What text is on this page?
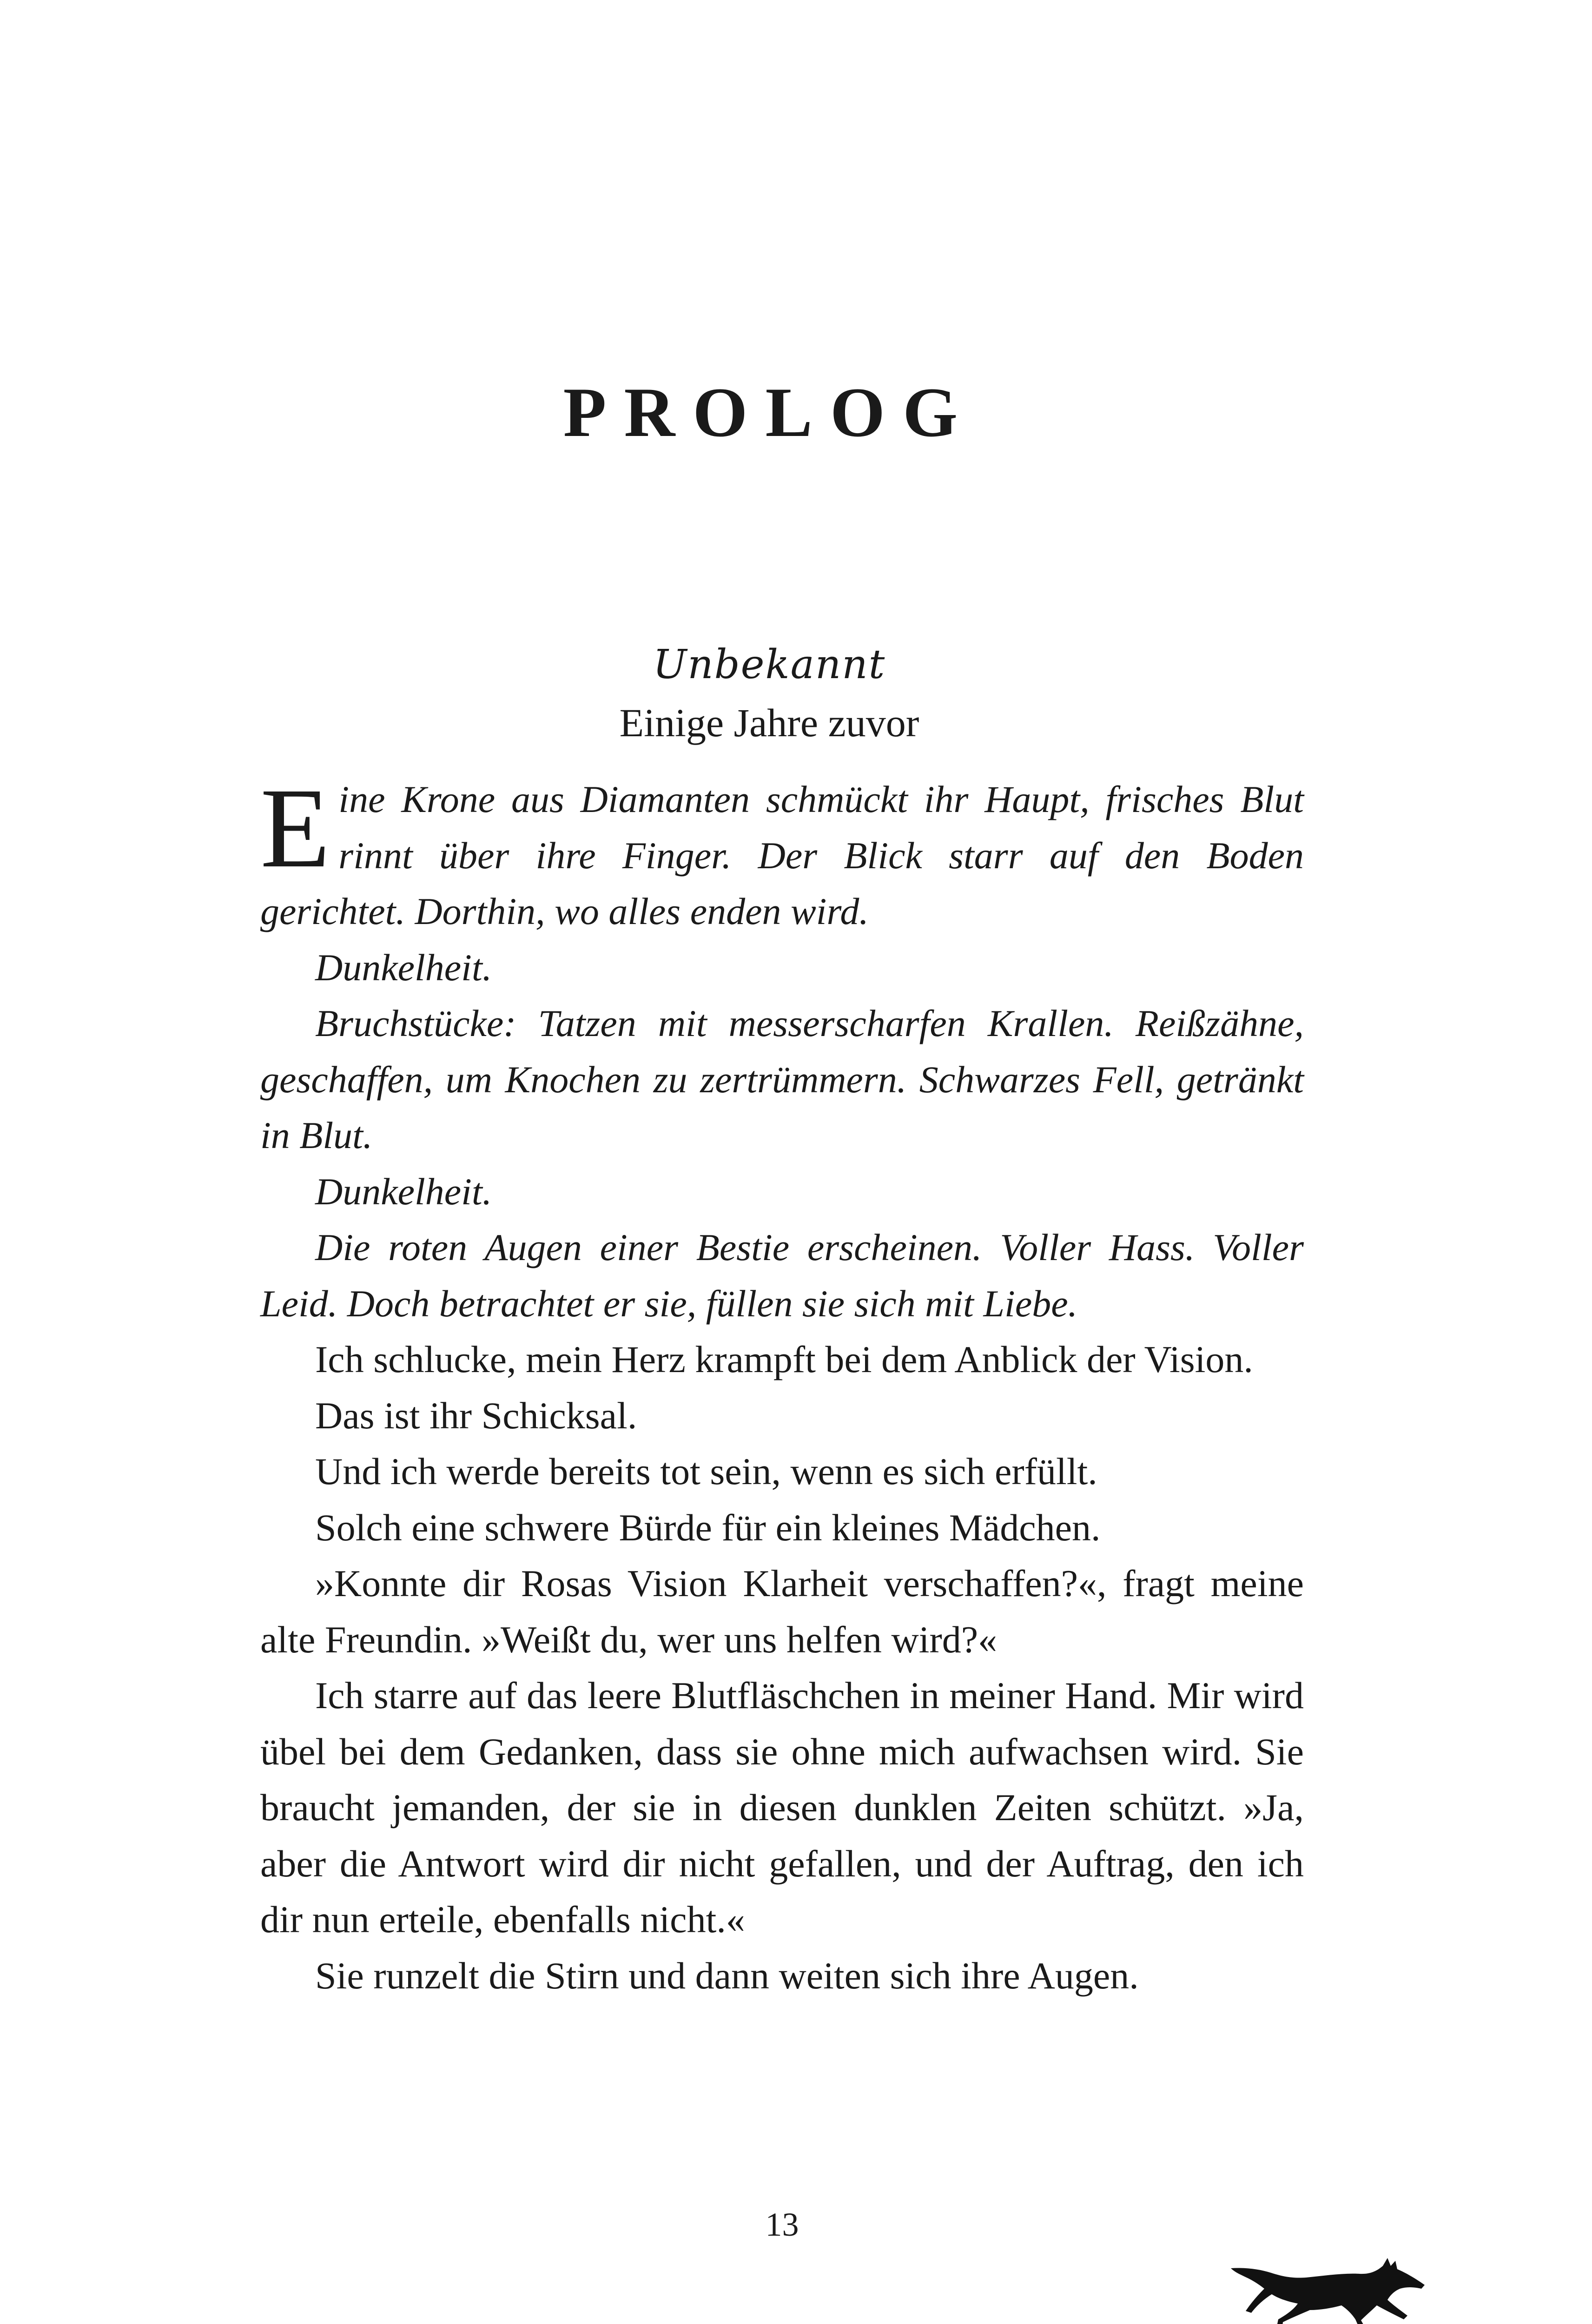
PROLOG
Unbekannt
Einige Jahre zuvor

Eine Krone aus Diamanten schmückt ihr Haupt, frisches Blut rinnt über ihre Finger. Der Blick starr auf den Boden gerichtet. Dorthin, wo alles enden wird.

Dunkelheit.

Bruchstücke: Tatzen mit messerscharfen Krallen. Reißzähne, geschaffen, um Knochen zu zertrümmern. Schwarzes Fell, getränkt in Blut.

Dunkelheit.

Die roten Augen einer Bestie erscheinen. Voller Hass. Voller Leid. Doch betrachtet er sie, füllen sie sich mit Liebe.

Ich schlucke, mein Herz krampft bei dem Anblick der Vision.

Das ist ihr Schicksal.

Und ich werde bereits tot sein, wenn es sich erfüllt.

Solch eine schwere Bürde für ein kleines Mädchen.

»Konnte dir Rosas Vision Klarheit verschaffen?«, fragt meine alte Freundin. »Weißt du, wer uns helfen wird?«

Ich starre auf das leere Blutfläschchen in meiner Hand. Mir wird übel bei dem Gedanken, dass sie ohne mich aufwachsen wird. Sie braucht jemanden, der sie in diesen dunklen Zeiten schützt. »Ja, aber die Antwort wird dir nicht gefallen, und der Auftrag, den ich dir nun erteile, ebenfalls nicht.«

Sie runzelt die Stirn und dann weiten sich ihre Augen.

13
